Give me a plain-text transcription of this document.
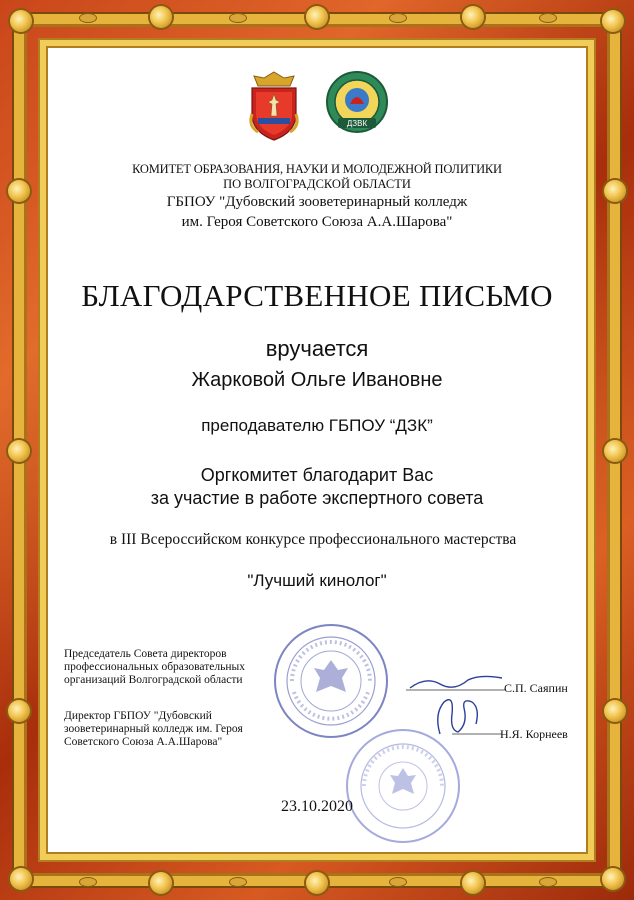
ДЗВК
КОМИТЕТ ОБРАЗОВАНИЯ, НАУКИ И МОЛОДЕЖНОЙ ПОЛИТИКИ
ПО ВОЛГОГРАДСКОЙ ОБЛАСТИ
ГБПОУ "Дубовский зооветеринарный колледж
им. Героя Советского Союза А.А.Шарова"
БЛАГОДАРСТВЕННОЕ ПИСЬМО
вручается
Жарковой Ольге Ивановне
преподавателю ГБПОУ “ДЗК”
Оргкомитет благодарит Вас
за участие в работе экспертного совета
в III Всероссийском конкурсе профессионального мастерства
"Лучший кинолог"
Председатель Совета директоров
профессиональных образовательных
организаций Волгоградской области
С.П. Саяпин
Директор ГБПОУ "Дубовский
зооветеринарный колледж им. Героя
Советского Союза А.А.Шарова"
Н.Я. Корнеев
23.10.2020
